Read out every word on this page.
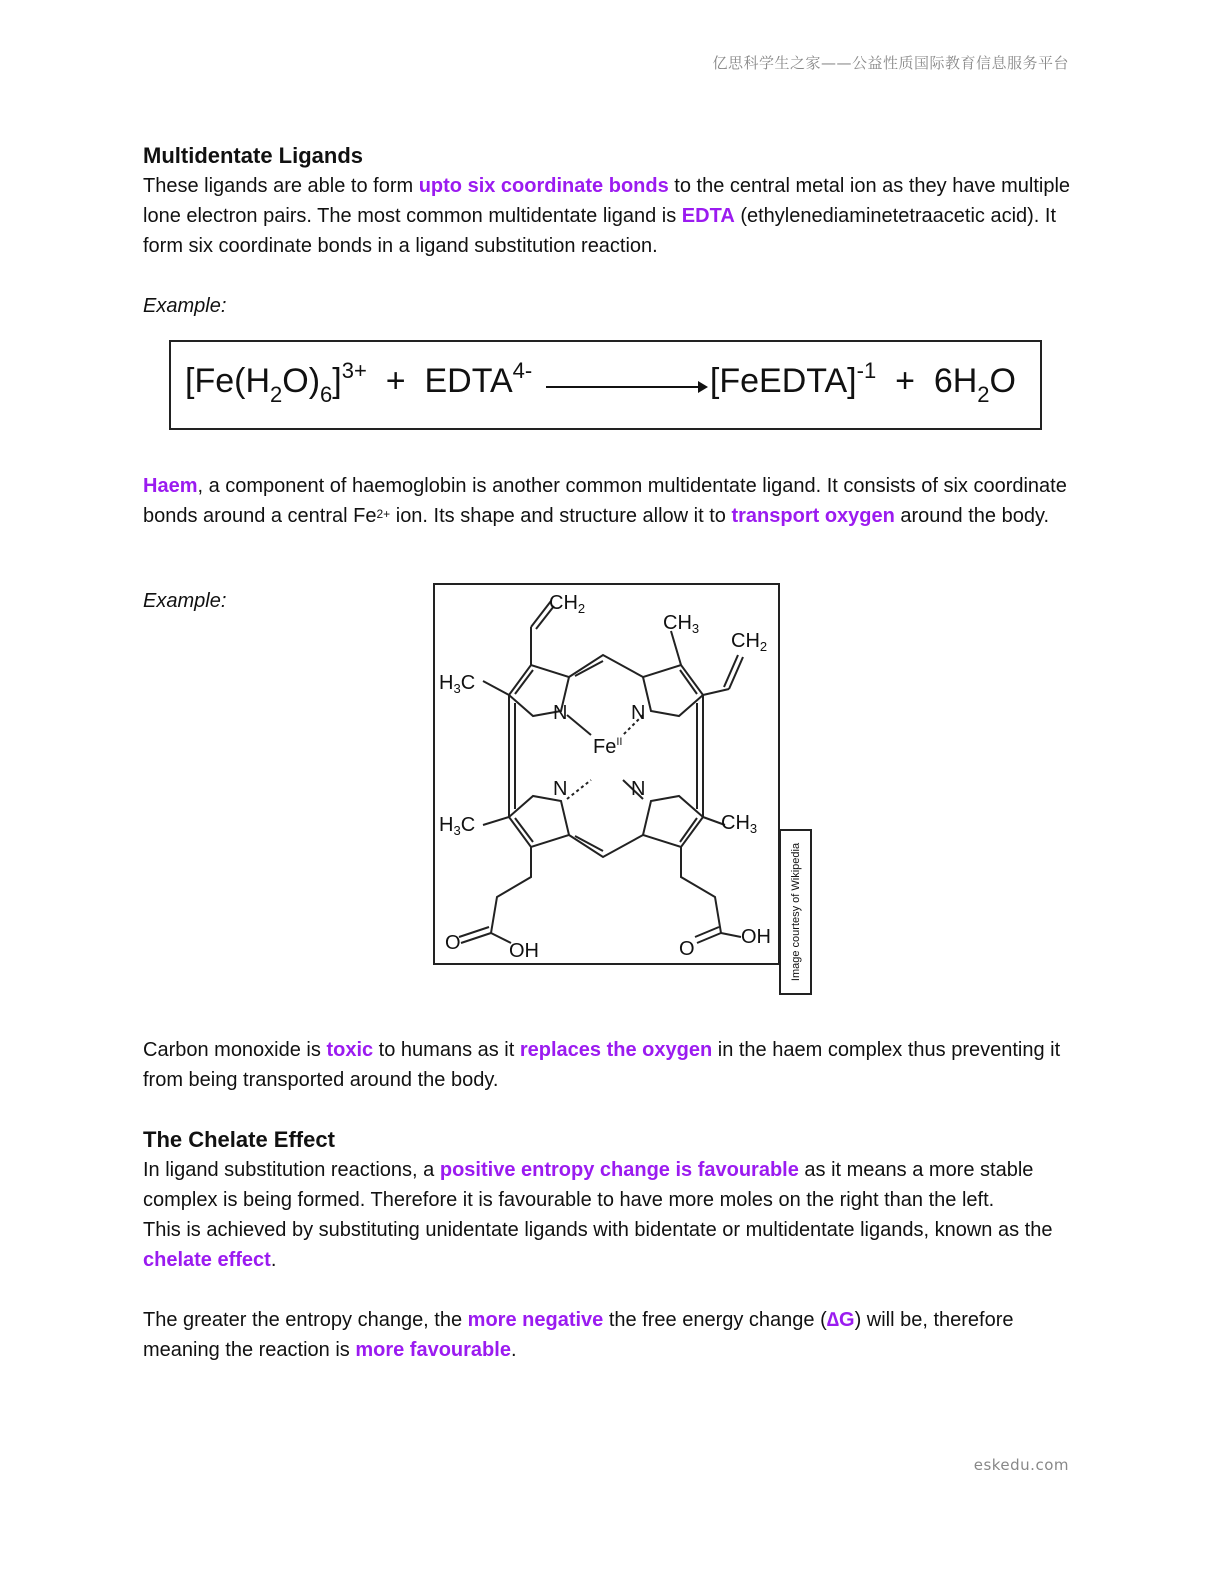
亿思科学生之家——公益性质国际教育信息服务平台
Multidentate Ligands

These ligands are able to form upto six coordinate bonds to the central metal ion as they have multiple lone electron pairs. The most common multidentate ligand is EDTA (ethylenediaminetetraacetic acid). It form six coordinate bonds in a ligand substitution reaction.

Example:

$[Fe(H_2O)_6]^{3+}$  +  $EDTA^{4-}$	[FeEDTA]$^{-1}$  +  $6H_2O$

Haem, a component of haemoglobin is another common multidentate ligand. It consists of six coordinate bonds around a central $Fe^{2+}$ ion. Its shape and structure allow it to transport oxygen around the body.

Example:	$CH_2$
$CH_3$
$CH_2$
$H_3C$
$H_3C$	$CH_3$
N	N
N	N
$Fe^{II}$
O OH	O
OH Image courtesy of Wikipedia

Carbon monoxide is toxic to humans as it replaces the oxygen in the haem complex thus preventing it from being transported around the body.

The Chelate Effect

In ligand substitution reactions, a positive entropy change is favourable as it means a more stable complex is being formed. Therefore it is favourable to have more moles on the right than the left.

This is achieved by substituting unidentate ligands with bidentate or multidentate ligands, known as the chelate effect.

The greater the entropy change, the more negative the free energy change (∆G) will be, therefore meaning the reaction is more favourable.

eskedu.com
